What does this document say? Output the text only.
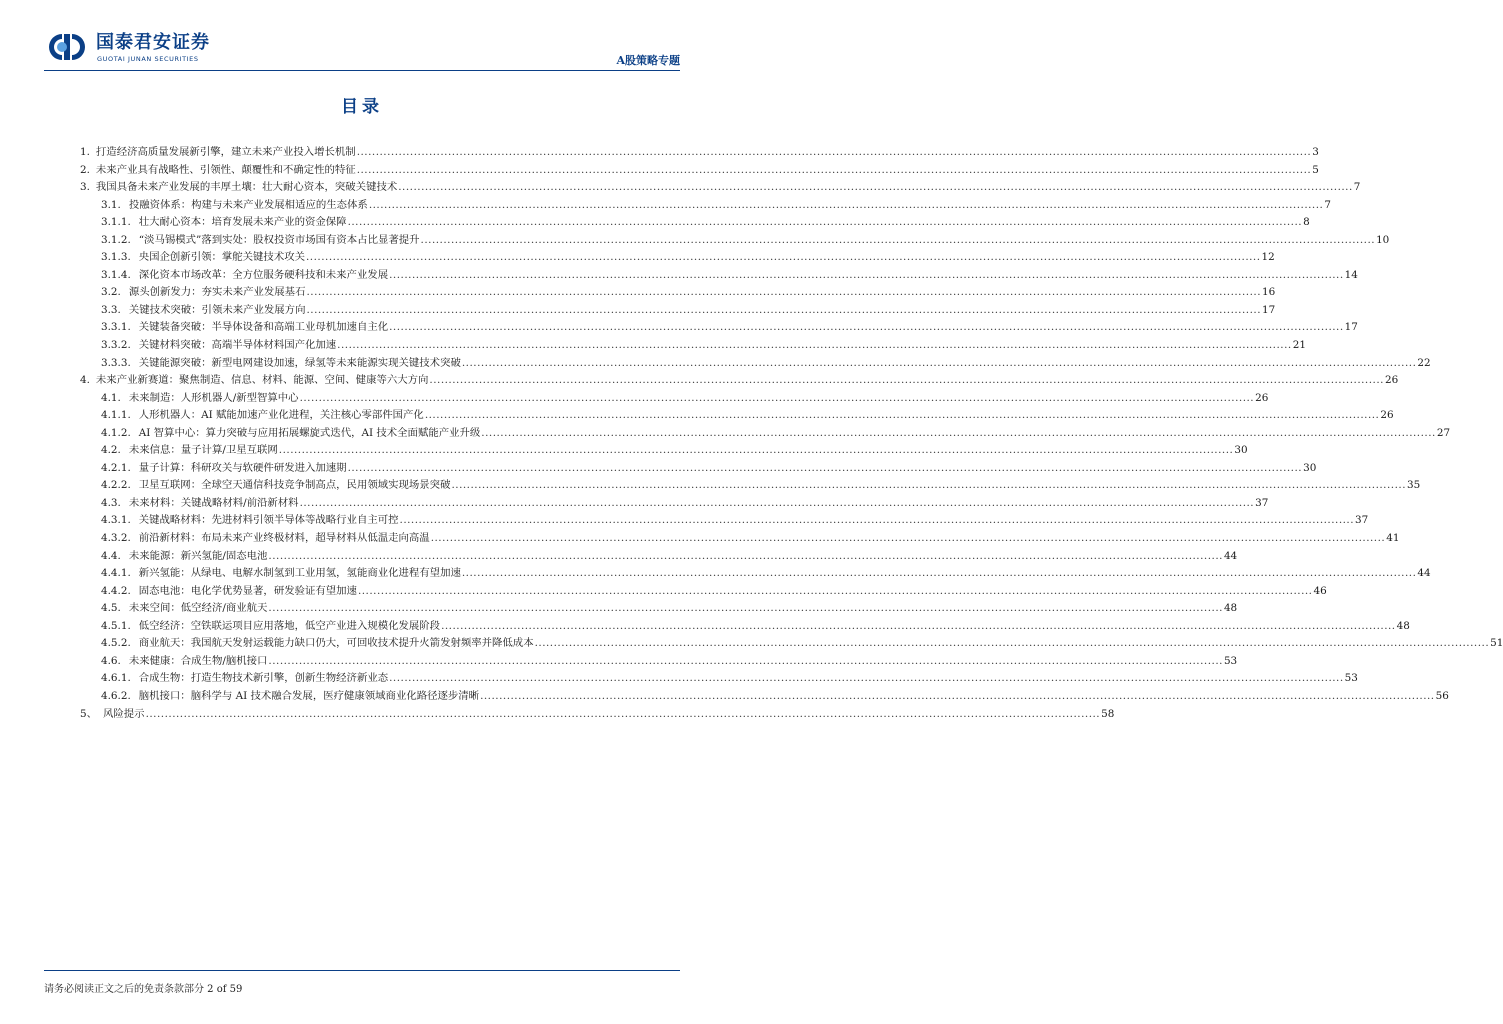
国泰君安证券
GUOTAI JUNAN SECURITIES	A股策略专题
目录
1. 打造经济高质量发展新引擎，建立未来产业投入增长机制 .....	3
2. 未来产业具有战略性、引领性、颠覆性和不确定性的特征 .....	5
3. 我国具备未来产业发展的丰厚土壤：壮大耐心资本，突破关键技术 .....	7
3.1. 投融资体系：构建与未来产业发展相适应的生态体系 .....	7
3.1.1. 壮大耐心资本：培育发展未来产业的资金保障 .....	8
3.1.2. “淡马锡模式”落到实处：股权投资市场国有资本占比显著提升 .....	10
3.1.3. 央国企创新引领：掌舵关键技术攻关 .....	12
3.1.4. 深化资本市场改革：全方位服务硬科技和未来产业发展 .....	14
3.2. 源头创新发力：夯实未来产业发展基石 .....	16
3.3. 关键技术突破：引领未来产业发展方向 .....	17
3.3.1. 关键装备突破：半导体设备和高端工业母机加速自主化 .....	17
3.3.2. 关键材料突破：高端半导体材料国产化加速 .....	21
3.3.3. 关键能源突破：新型电网建设加速，绿氢等未来能源实现关键技术突破 .....	22
4. 未来产业新赛道：聚焦制造、信息、材料、能源、空间、健康等六大方向 .....	26
4.1. 未来制造：人形机器人/新型智算中心 .....	26
4.1.1. 人形机器人：AI 赋能加速产业化进程，关注核心零部件国产化 .....	26
4.1.2. AI 智算中心：算力突破与应用拓展螺旋式迭代，AI 技术全面赋能产业升级 .....	27
4.2. 未来信息：量子计算/卫星互联网 .....	30
4.2.1. 量子计算：科研攻关与软硬件研发进入加速期 .....	30
4.2.2. 卫星互联网：全球空天通信科技竞争制高点，民用领域实现场景突破 .....	35
4.3. 未来材料：关键战略材料/前沿新材料 .....	37
4.3.1. 关键战略材料：先进材料引领半导体等战略行业自主可控 .....	37
4.3.2. 前沿新材料：布局未来产业终极材料，超导材料从低温走向高温 .....	41
4.4. 未来能源：新兴氢能/固态电池 .....	44
4.4.1. 新兴氢能：从绿电、电解水制氢到工业用氢，氢能商业化进程有望加速 .....	44
4.4.2. 固态电池：电化学优势显著，研发验证有望加速 .....	46
4.5. 未来空间：低空经济/商业航天 .....	48
4.5.1. 低空经济：空铁联运项目应用落地，低空产业进入规模化发展阶段 .....	48
4.5.2. 商业航天：我国航天发射运载能力缺口仍大，可回收技术提升火箭发射频率并降低成本 .....	51
4.6. 未来健康：合成生物/脑机接口 .....	53
4.6.1. 合成生物：打造生物技术新引擎，创新生物经济新业态 .....	53
4.6.2. 脑机接口：脑科学与 AI 技术融合发展，医疗健康领域商业化路径逐步清晰 .....	56
5、 风险提示 .....	58
请务必阅读正文之后的免责条款部分 2 of 59
